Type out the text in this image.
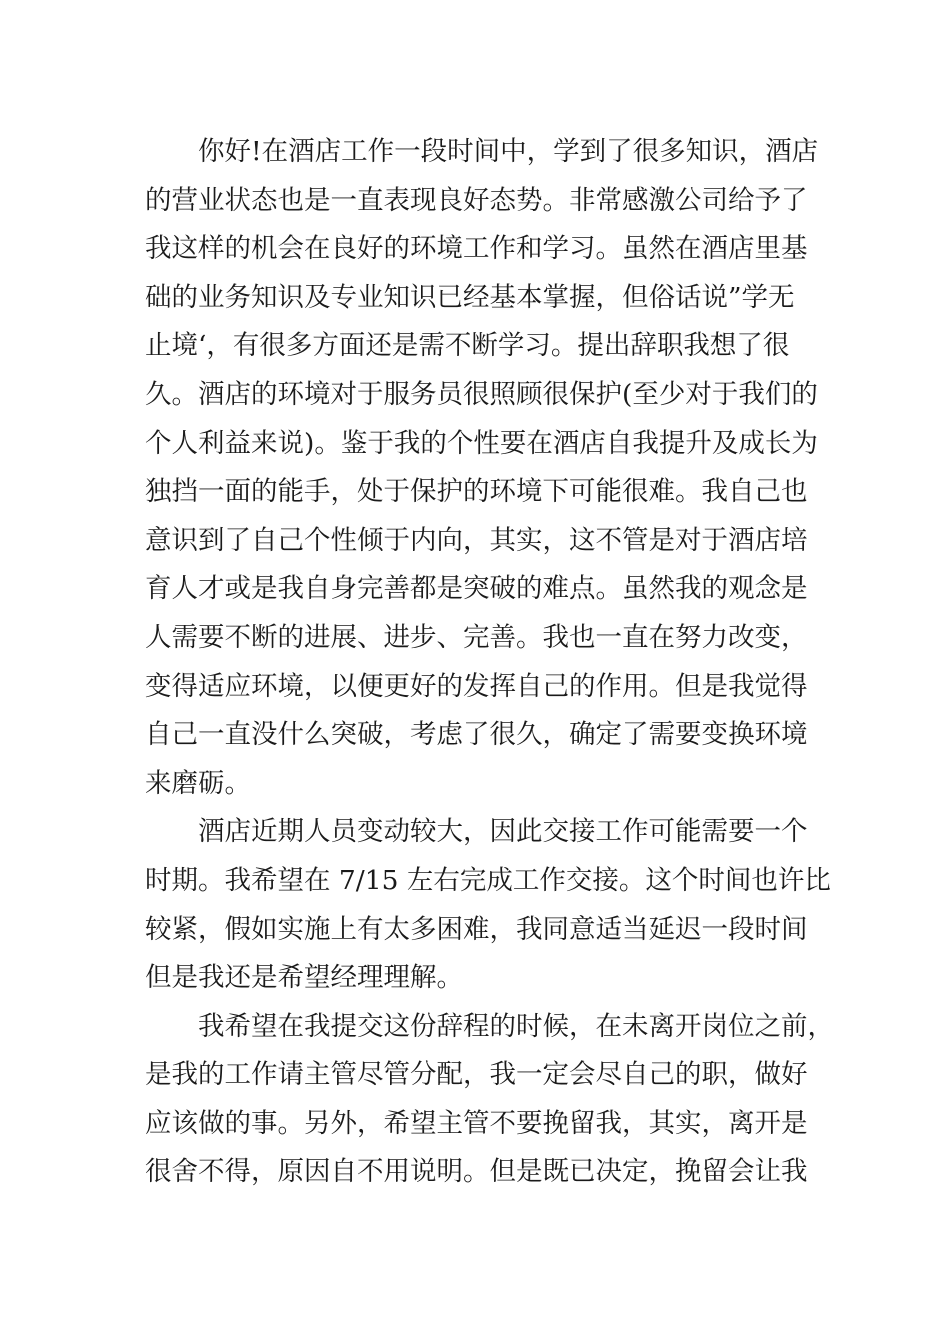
　　你好!在酒店工作一段时间中，学到了很多知识，酒店
的营业状态也是一直表现良好态势。非常感激公司给予了
我这样的机会在良好的环境工作和学习。虽然在酒店里基
础的业务知识及专业知识已经基本掌握，但俗话说”学无
止境‘，有很多方面还是需不断学习。提出辞职我想了很
久。酒店的环境对于服务员很照顾很保护(至少对于我们的
个人利益来说)。鉴于我的个性要在酒店自我提升及成长为
独挡一面的能手，处于保护的环境下可能很难。我自己也
意识到了自己个性倾于内向，其实，这不管是对于酒店培
育人才或是我自身完善都是突破的难点。虽然我的观念是
人需要不断的进展、进步、完善。我也一直在努力改变，
变得适应环境，以便更好的发挥自己的作用。但是我觉得
自己一直没什么突破，考虑了很久，确定了需要变换环境
来磨砺。
　　酒店近期人员变动较大，因此交接工作可能需要一个
时期。我希望在 7/15 左右完成工作交接。这个时间也许比
较紧，假如实施上有太多困难，我同意适当延迟一段时间
但是我还是希望经理理解。
　　我希望在我提交这份辞程的时候，在未离开岗位之前，
是我的工作请主管尽管分配，我一定会尽自己的职，做好
应该做的事。另外，希望主管不要挽留我，其实，离开是
很舍不得，原因自不用说明。但是既已决定，挽留会让我
